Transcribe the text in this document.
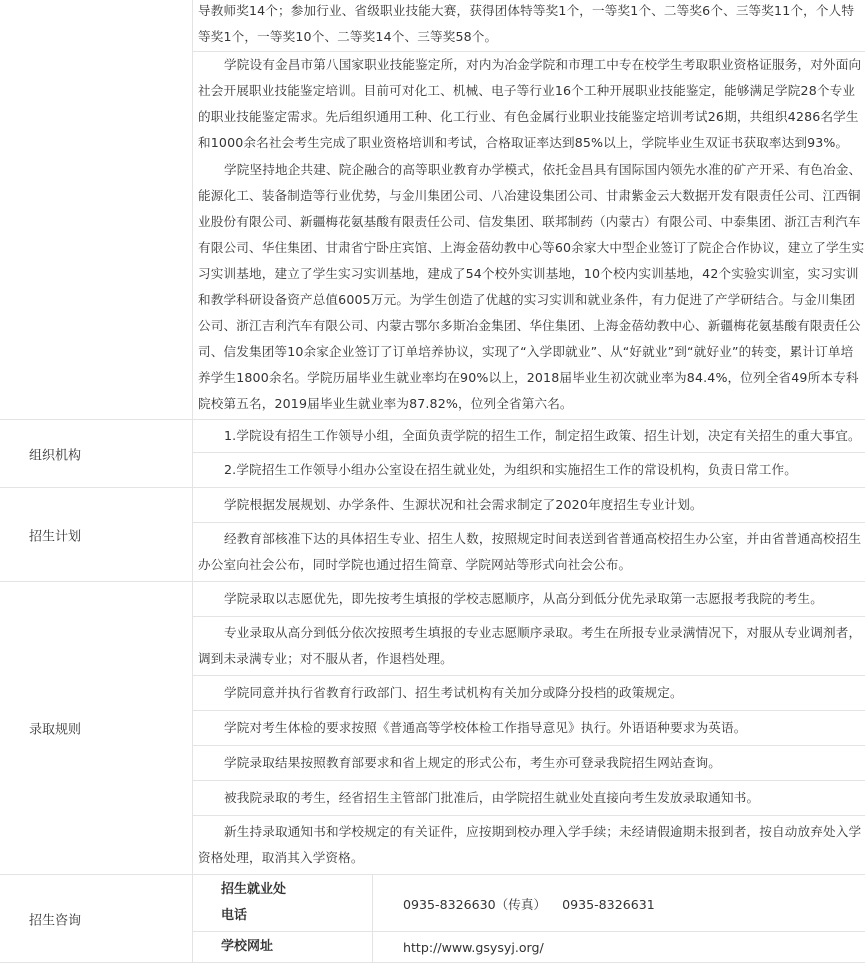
导教师奖14个；参加行业、省级职业技能大赛，获得团体特等奖1个，一等奖1个、二等奖6个、三等奖11个，个人特等奖1个，一等奖10个、二等奖14个、三等奖58个。
学院设有金昌市第八国家职业技能鉴定所，对内为冶金学院和市理工中专在校学生考取职业资格证服务，对外面向社会开展职业技能鉴定培训。目前可对化工、机械、电子等行业16个工种开展职业技能鉴定，能够满足学院28个专业的职业技能鉴定需求。先后组织通用工种、化工行业、有色金属行业职业技能鉴定培训考试26期，共组织4286名学生和1000余名社会考生完成了职业资格培训和考试，合格取证率达到85%以上，学院毕业生双证书获取率达到93%。
学院坚持地企共建、院企融合的高等职业教育办学模式，依托金昌具有国际国内领先水准的矿产开采、有色冶金、能源化工、装备制造等行业优势，与金川集团公司、八冶建设集团公司、甘肃紫金云大数据开发有限责任公司、江西铜业股份有限公司、新疆梅花氨基酸有限责任公司、信发集团、联邦制药（内蒙古）有限公司、中泰集团、浙江吉利汽车有限公司、华住集团、甘肃省宁卧庄宾馆、上海金蓓幼教中心等60余家大中型企业签订了院企合作协议，建立了学生实习实训基地，建立了学生实习实训基地，建成了54个校外实训基地，10个校内实训基地，42个实验实训室，实习实训和教学科研设备资产总值6005万元。为学生创造了优越的实习实训和就业条件，有力促进了产学研结合。与金川集团公司、浙江吉利汽车有限公司、内蒙古鄂尔多斯冶金集团、华住集团、上海金蓓幼教中心、新疆梅花氨基酸有限责任公司、信发集团等10余家企业签订了订单培养协议，实现了“入学即就业”、从“好就业”到“就好业”的转变，累计订单培养学生1800余名。学院历届毕业生就业率均在90%以上，2018届毕业生初次就业率为84.4%，位列全省49所本专科院校第五名，2019届毕业生就业率为87.82%，位列全省第六名。
组织机构
1.学院设有招生工作领导小组，全面负责学院的招生工作，制定招生政策、招生计划，决定有关招生的重大事宜。
2.学院招生工作领导小组办公室设在招生就业处，为组织和实施招生工作的常设机构，负责日常工作。
招生计划
学院根据发展规划、办学条件、生源状况和社会需求制定了2020年度招生专业计划。
经教育部核准下达的具体招生专业、招生人数，按照规定时间表送到省普通高校招生办公室，并由省普通高校招生办公室向社会公布，同时学院也通过招生简章、学院网站等形式向社会公布。
录取规则
学院录取以志愿优先，即先按考生填报的学校志愿顺序，从高分到低分优先录取第一志愿报考我院的考生。
专业录取从高分到低分依次按照考生填报的专业志愿顺序录取。考生在所报专业录满情况下，对服从专业调剂者，调到未录满专业；对不服从者，作退档处理。
学院同意并执行省教育行政部门、招生考试机构有关加分或降分投档的政策规定。
学院对考生体检的要求按照《普通高等学校体检工作指导意见》执行。外语语种要求为英语。
学院录取结果按照教育部要求和省上规定的形式公布，考生亦可登录我院招生网站查询。
被我院录取的考生，经省招生主管部门批准后，由学院招生就业处直接向考生发放录取通知书。
新生持录取通知书和学校规定的有关证件，应按期到校办理入学手续；未经请假逾期未报到者，按自动放弃处入学资格处理，取消其入学资格。
招生咨询
招生就业处
电话
0935-8326630（传真）    0935-8326631
学校网址	http://www.gsysyj.org/
